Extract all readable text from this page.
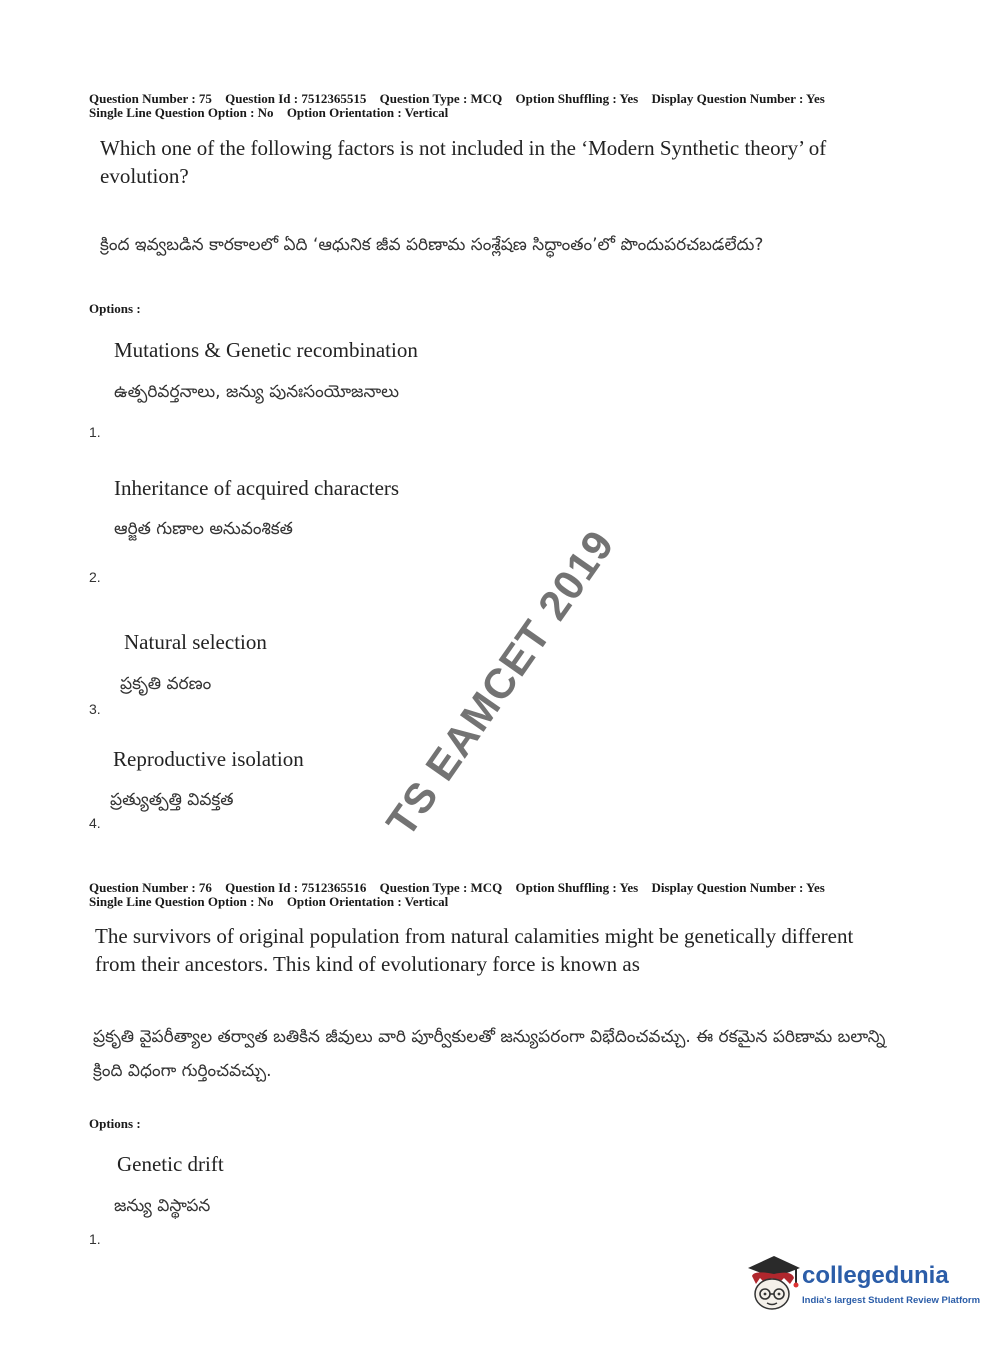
Question Number : 75 Question Id : 7512365515 Question Type : MCQ Option Shuffling : Yes Display Question Number : Yes
Single Line Question Option : No Option Orientation : Vertical
Which one of the following factors is not included in the ‘Modern Synthetic theory’ of evolution?
క్రింద ఇవ్వబడిన కారకాలలో ఏది ‘ఆధునిక జీవ పరిణామ సంశ్లేషణ సిద్ధాంతం’లో పొందుపరచబడలేదు?
Options :
Mutations & Genetic recombination
ఉత్పరివర్తనాలు, జన్యు పునఃసంయోజనాలు
1.
Inheritance of acquired characters
ఆర్జిత గుణాల అనువంశికత
2.
Natural selection
ప్రకృతి వరణం
3.
Reproductive isolation
ప్రత్యుత్పత్తి వివక్తత
4.
Question Number : 76 Question Id : 7512365516 Question Type : MCQ Option Shuffling : Yes Display Question Number : Yes
Single Line Question Option : No Option Orientation : Vertical
The survivors of original population from natural calamities might be genetically different from their ancestors. This kind of evolutionary force is known as
ప్రకృతి వైపరీత్యాల తర్వాత బతికిన జీవులు వారి పూర్వీకులతో జన్యుపరంగా విభేదించవచ్చు. ఈ రకమైన పరిణామ బలాన్ని క్రింది విధంగా గుర్తించవచ్చు.
Options :
Genetic drift
జన్యు విస్థాపన
1.
TS EAMCET 2019
collegedunia
India's largest Student Review Platform
